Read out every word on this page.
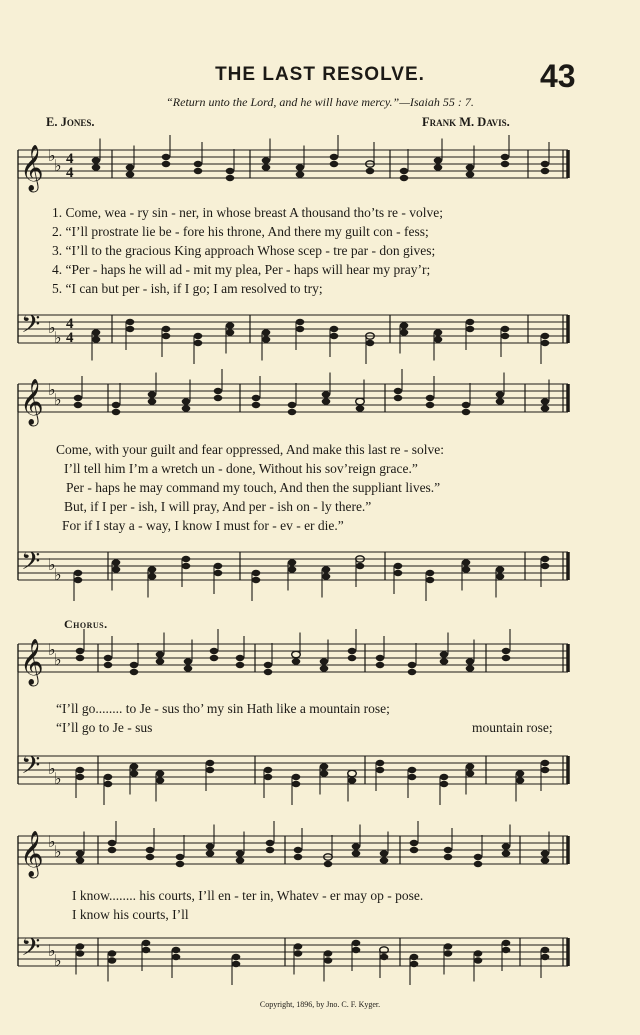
THE LAST RESOLVE.	43
“Return unto the Lord, and he will have mercy.”—Isaiah 55 : 7.
E. Jones.	Frank M. Davis.
𝄞 ♭
♭ 4
4
𝄢 ♭
♭
4
4
1. Come, wea - ry sin - ner, in whose breast A thousand tho’ts re - volve;
2. “I’ll prostrate lie be - fore his throne, And there my guilt con - fess;
3. “I’ll to the gracious King approach Whose scep - tre par - don gives;
4. “Per - haps he will ad - mit my plea, Per - haps will hear my pray’r;
5. “I can but per - ish, if I go; I am resolved to try;
𝄞 ♭
♭
𝄢 ♭
♭
Come, with your guilt and fear oppressed, And make this last re - solve:
I’ll tell him I’m a wretch un - done, Without his sov’reign grace.”
Per - haps he may command my touch, And then the suppliant lives.”
But, if I per - ish, I will pray, And per - ish on - ly there.”
For if I stay a - way, I know I must for - ev - er die.”
Chorus.
𝄞 ♭
♭
𝄢 ♭
♭
“I’ll go........ to Je - sus tho’ my sin Hath like a mountain rose;
“I’ll go to Je - sus	mountain rose;
𝄞 ♭
♭
𝄢 ♭
♭
I know........ his courts, I’ll en - ter in, Whatev - er may op - pose.
I know his courts, I’ll
Copyright, 1896, by Jno. C. F. Kyger.
